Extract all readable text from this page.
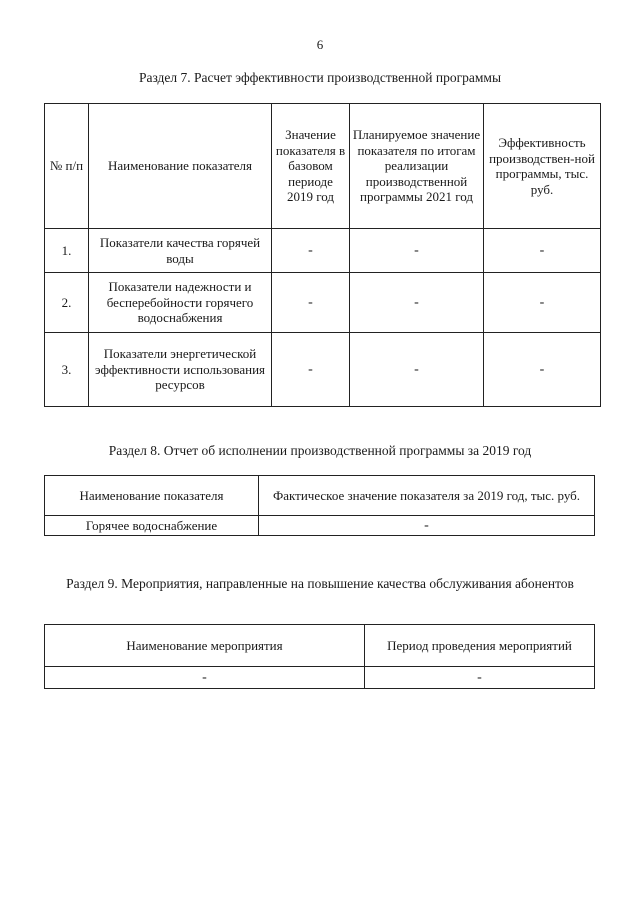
6
Раздел 7. Расчет эффективности производственной программы
№ п/п	Наименование показателя	Значение показателя в базовом периоде 2019 год	Планируемое значение показателя по итогам реализации производственной программы 2021 год	Эффективность производствен-ной программы, тыс. руб.
1.	Показатели качества горячей воды	-	-	-
2.	Показатели надежности и бесперебойности горячего водоснабжения	-	-	-
3.	Показатели энергетической эффективности использования ресурсов	-	-	-
Раздел 8. Отчет об исполнении производственной программы за 2019 год
Наименование показателя	Фактическое значение показателя за 2019 год, тыс. руб.
Горячее водоснабжение	-
Раздел 9. Мероприятия, направленные на повышение качества обслуживания абонентов
Наименование мероприятия	Период проведения мероприятий
-	-
